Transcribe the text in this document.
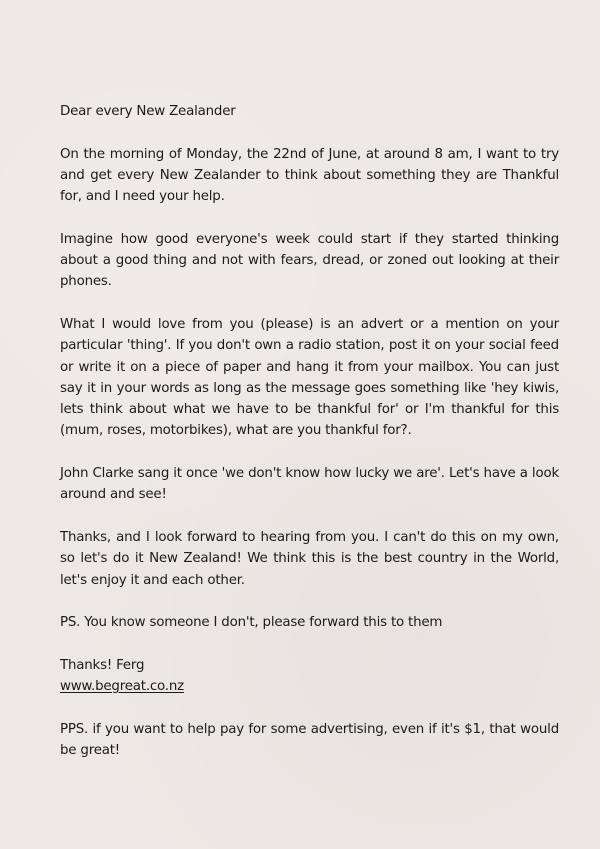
Dear every New Zealander

On the morning of Monday, the 22nd of June, at around 8 am, I want to try and get every New Zealander to think about something they are Thankful for, and I need your help.

Imagine how good everyone's week could start if they started thinking about a good thing and not with fears, dread, or zoned out looking at their phones.

What I would love from you (please) is an advert or a mention on your particular 'thing'. If you don't own a radio station, post it on your social feed or write it on a piece of paper and hang it from your mailbox. You can just say it in your words as long as the message goes something like 'hey kiwis, lets think about what we have to be thankful for' or I'm thankful for this (mum, roses, motorbikes), what are you thankful for?.

John Clarke sang it once 'we don't know how lucky we are'. Let's have a look around and see!

Thanks, and I look forward to hearing from you. I can't do this on my own, so let's do it New Zealand! We think this is the best country in the World, let's enjoy it and each other.

PS. You know someone I don't, please forward this to them

Thanks! Ferg
www.begreat.co.nz

PPS. if you want to help pay for some advertising, even if it's $1, that would be great!
